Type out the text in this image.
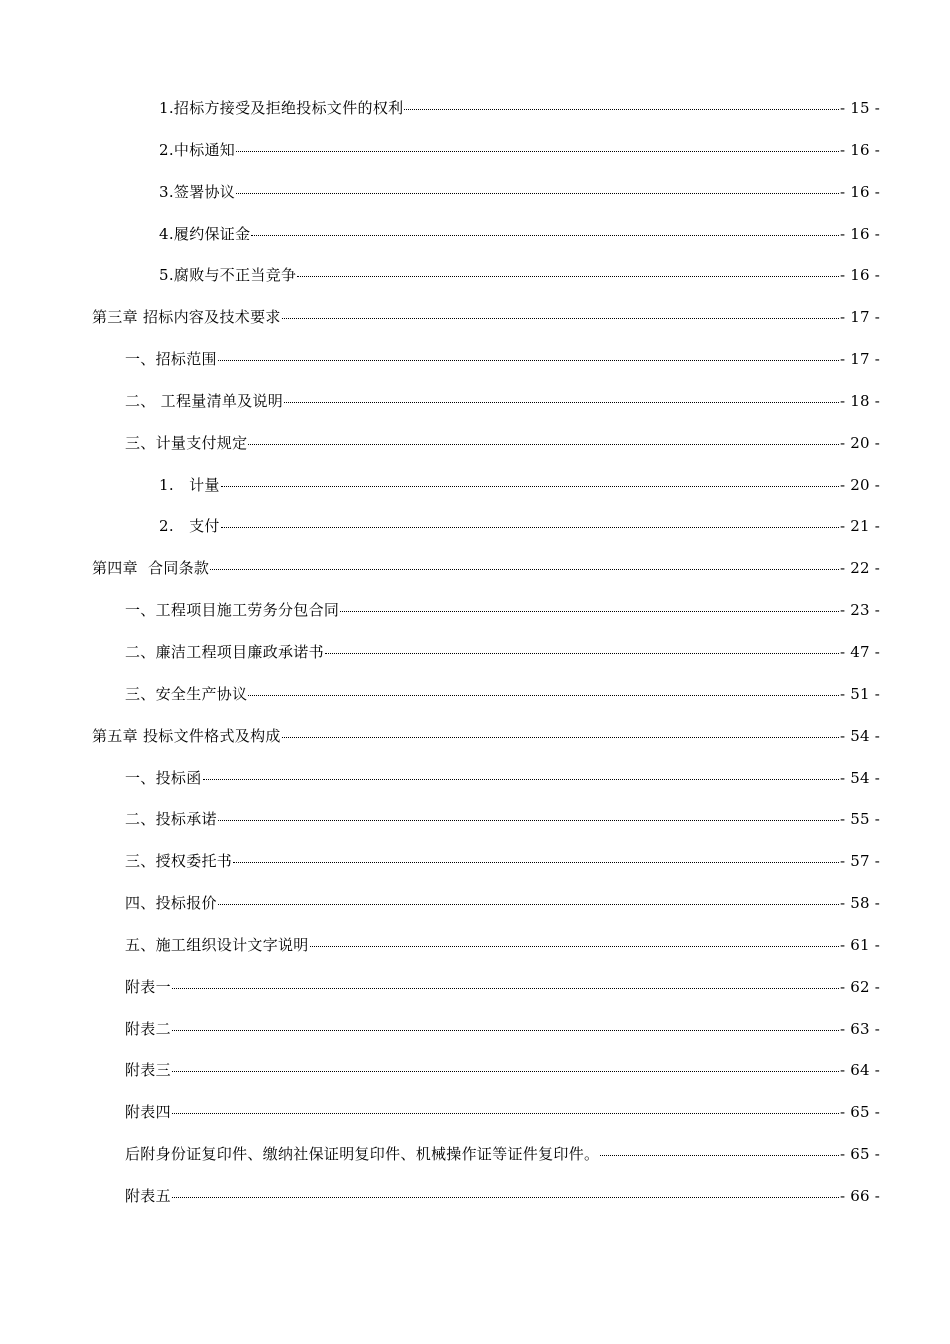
1.招标方接受及拒绝投标文件的权利	- 15 -
2.中标通知	- 16 -
3.签署协议	- 16 -
4.履约保证金	- 16 -
5.腐败与不正当竞争	- 16 -
第三章 招标内容及技术要求	- 17 -
一、招标范围	- 17 -
二、 工程量清单及说明	- 18 -
三、计量支付规定	- 20 -
1.   计量	- 20 -
2.   支付	- 21 -
第四章  合同条款	- 22 -
一、工程项目施工劳务分包合同	- 23 -
二、廉洁工程项目廉政承诺书	- 47 -
三、安全生产协议	- 51 -
第五章 投标文件格式及构成	- 54 -
一、投标函	- 54 -
二、投标承诺	- 55 -
三、授权委托书	- 57 -
四、投标报价	- 58 -
五、施工组织设计文字说明	- 61 -
附表一	- 62 -
附表二	- 63 -
附表三	- 64 -
附表四	- 65 -
后附身份证复印件、缴纳社保证明复印件、机械操作证等证件复印件。	- 65 -
附表五	- 66 -
